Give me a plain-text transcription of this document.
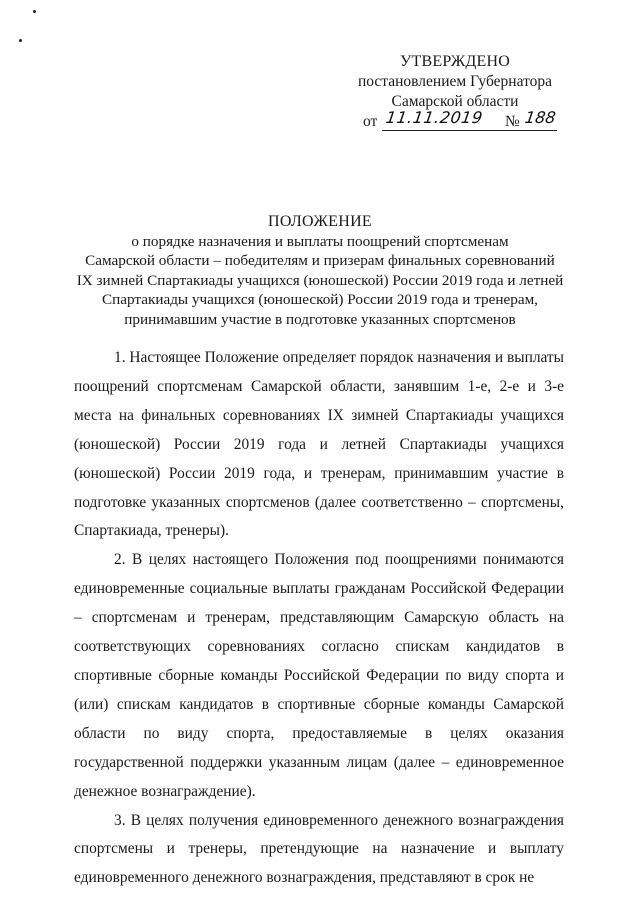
УТВЕРЖДЕНО
постановлением Губернатора
Самарской области
от 11.11.2019 № 188
ПОЛОЖЕНИЕ
о порядке назначения и выплаты поощрений спортсменам
Самарской области – победителям и призерам финальных соревнований
IX зимней Спартакиады учащихся (юношеской) России 2019 года и летней
Спартакиады учащихся (юношеской) России 2019 года и тренерам,
принимавшим участие в подготовке указанных спортсменов

1. Настоящее Положение определяет порядок назначения и выплаты поощрений спортсменам Самарской области, занявшим 1-е, 2-е и 3-е места на финальных соревнованиях IX зимней Спартакиады учащихся (юношеской) России 2019 года и летней Спартакиады учащихся (юношеской) России 2019 года, и тренерам, принимавшим участие в подготовке указанных спортсменов (далее соответственно – спортсмены, Спартакиада, тренеры).

2. В целях настоящего Положения под поощрениями понимаются единовременные социальные выплаты гражданам Российской Федерации – спортсменам и тренерам, представляющим Самарскую область на соответствующих соревнованиях согласно спискам кандидатов в спортивные сборные команды Российской Федерации по виду спорта и (или) спискам кандидатов в спортивные сборные команды Самарской области по виду спорта, предоставляемые в целях оказания государственной поддержки указанным лицам (далее – единовременное денежное вознаграждение).

3. В целях получения единовременного денежного вознаграждения спортсмены и тренеры, претендующие на назначение и выплату единовременного денежного вознаграждения, представляют в срок не
